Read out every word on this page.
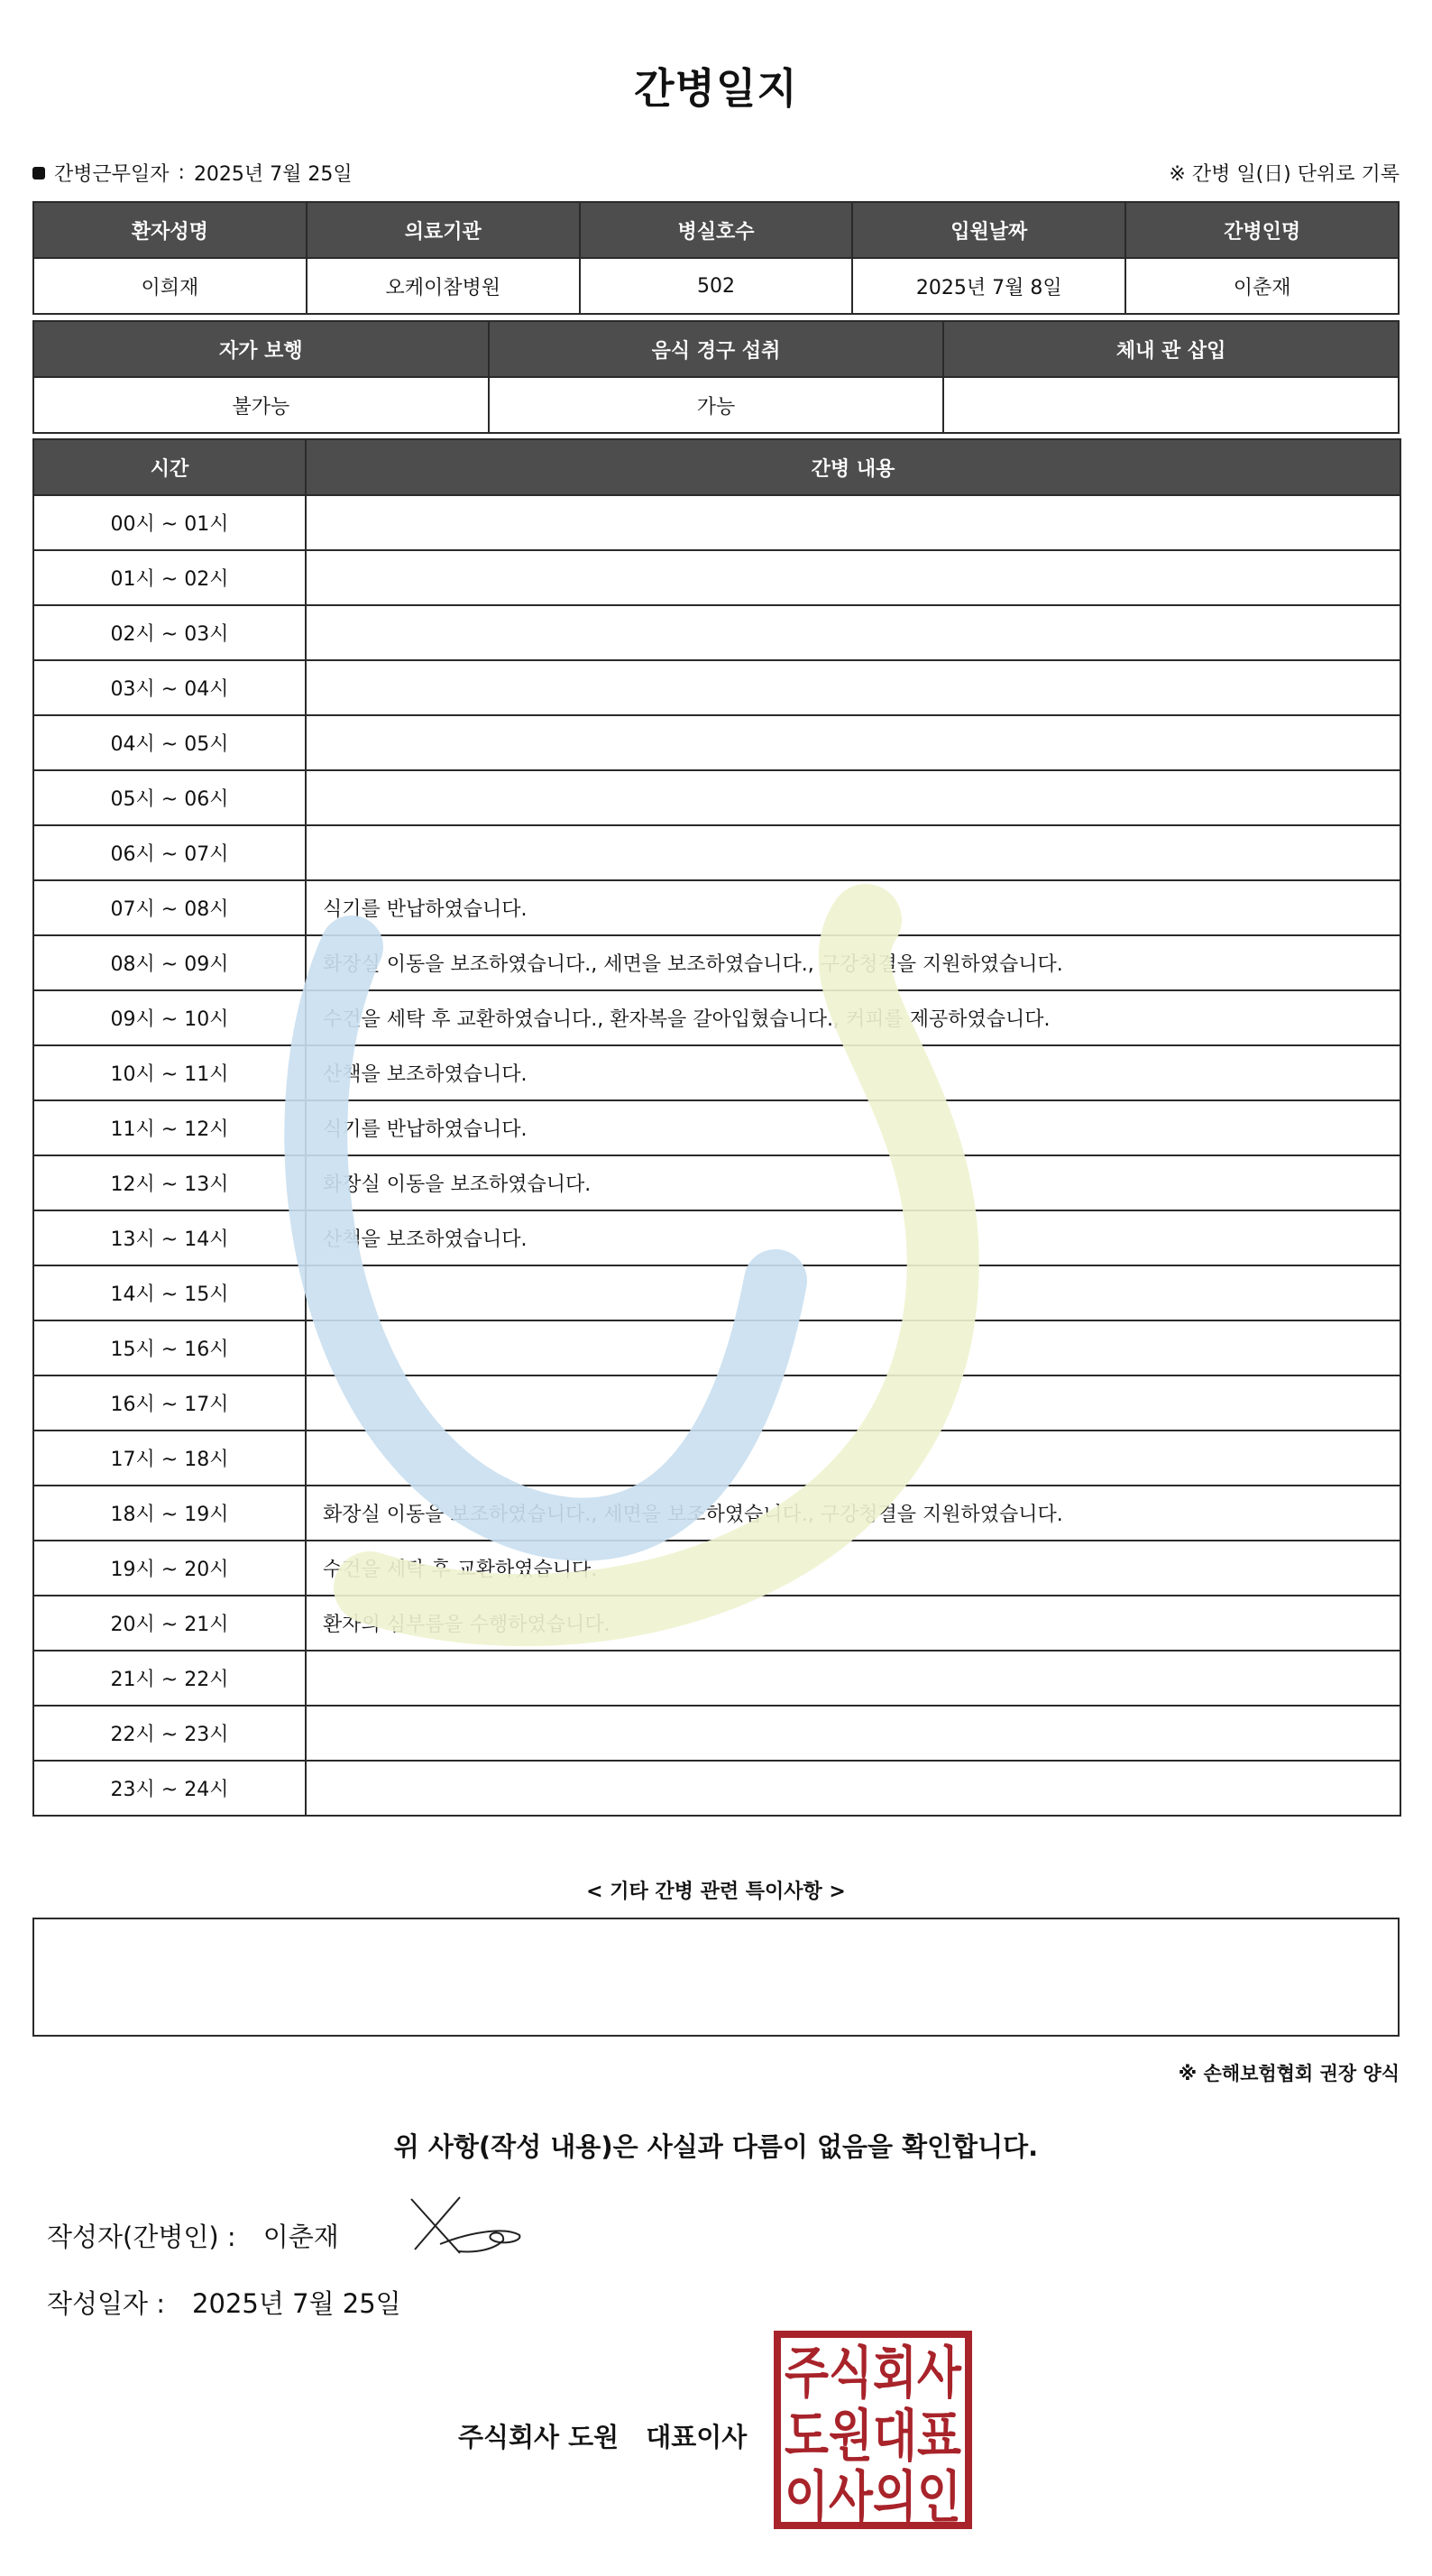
간병일지
간병근무일자 : 2025년 7월 25일	※ 간병 일(日) 단위로 기록
환자성명	의료기관	병실호수	입원날짜	간병인명
이희재	오케이참병원	502	2025년 7월 8일	이춘재
자가 보행	음식 경구 섭취	체내 관 삽입
불가능	가능	
시간	간병 내용
00시 ~ 01시	
01시 ~ 02시	
02시 ~ 03시	
03시 ~ 04시	
04시 ~ 05시	
05시 ~ 06시	
06시 ~ 07시	
07시 ~ 08시	식기를 반납하였습니다.
08시 ~ 09시	화장실 이동을 보조하였습니다., 세면을 보조하였습니다., 구강청결을 지원하였습니다.
09시 ~ 10시	수건을 세탁 후 교환하였습니다., 환자복을 갈아입혔습니다., 커피를 제공하였습니다.
10시 ~ 11시	산책을 보조하였습니다.
11시 ~ 12시	식기를 반납하였습니다.
12시 ~ 13시	화장실 이동을 보조하였습니다.
13시 ~ 14시	산책을 보조하였습니다.
14시 ~ 15시	
15시 ~ 16시	
16시 ~ 17시	
17시 ~ 18시	
18시 ~ 19시	화장실 이동을 보조하였습니다., 세면을 보조하였습니다., 구강청결을 지원하였습니다.
19시 ~ 20시	수건을 세탁 후 교환하였습니다.
20시 ~ 21시	환자의 심부름을 수행하였습니다.
21시 ~ 22시	
22시 ~ 23시	
23시 ~ 24시	
< 기타 간병 관련 특이사항 >
※ 손해보험협회 권장 양식
위 사항(작성 내용)은 사실과 다름이 없음을 확인합니다.
작성자(간병인) : 이춘재
작성일자 : 2025년 7월 25일
주식회사 도원 대표이사
주식회사
도원대표
이사의인
